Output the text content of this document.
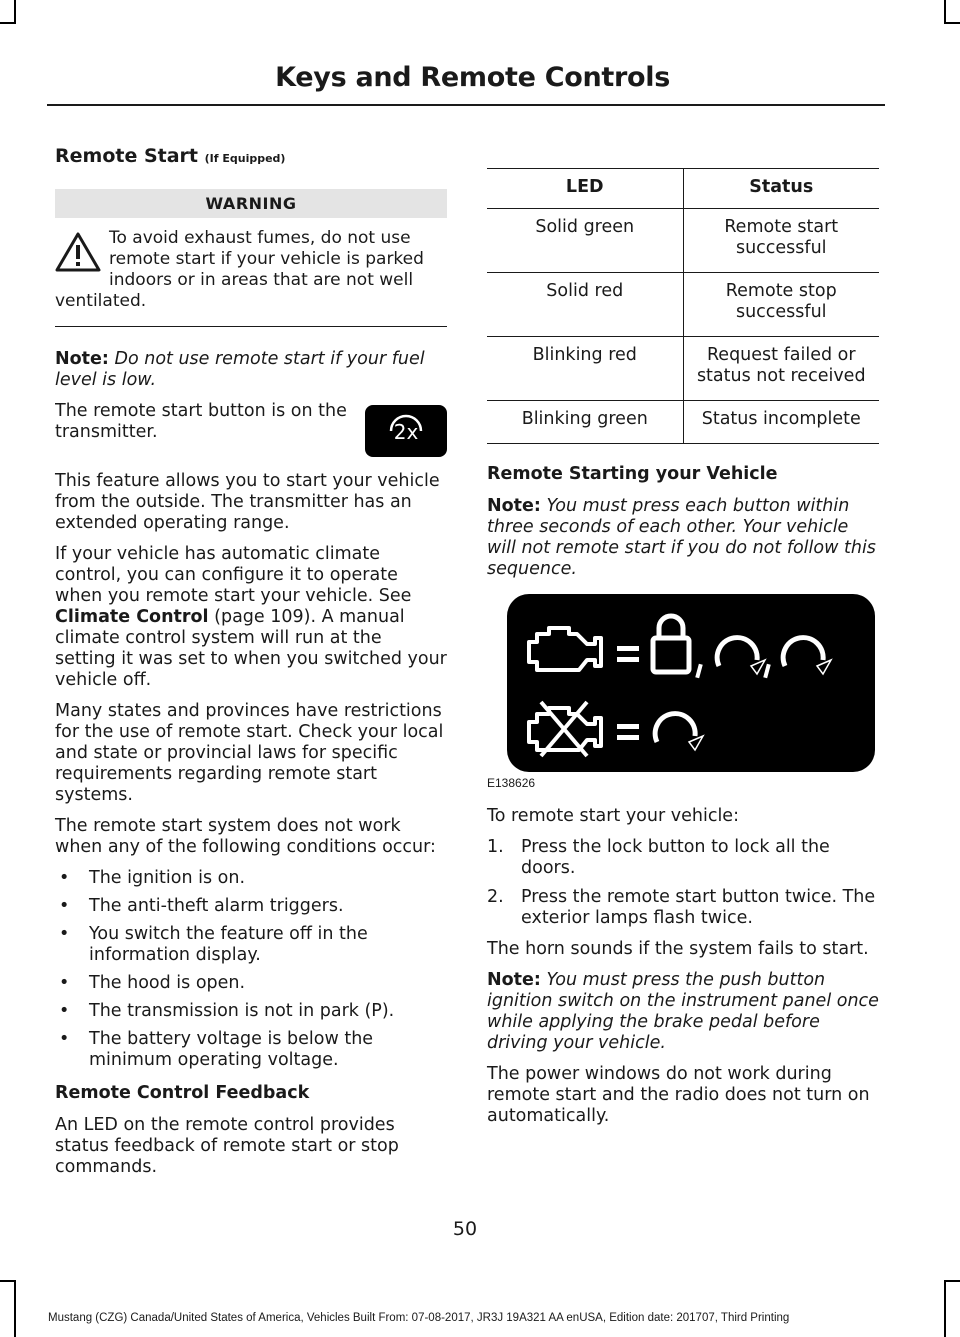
Keys and Remote Controls
Remote Start (If Equipped)
WARNING
To avoid exhaust fumes, do not use remote start if your vehicle is parked indoors or in areas that are not well ventilated.

Note: Do not use remote start if your fuel level is low.

2x
The remote start button is on the transmitter.

This feature allows you to start your vehicle from the outside. The transmitter has an extended operating range.

If your vehicle has automatic climate control, you can configure it to operate when you remote start your vehicle. See Climate Control (page 109). A manual climate control system will run at the setting it was set to when you switched your vehicle off.

Many states and provinces have restrictions for the use of remote start. Check your local and state or provincial laws for specific requirements regarding remote start systems.

The remote start system does not work when any of the following conditions occur:

• The ignition is on.
• The anti-theft alarm triggers.
• You switch the feature off in the information display.
• The hood is open.
• The transmission is not in park (P).
• The battery voltage is below the minimum operating voltage.
Remote Control Feedback

An LED on the remote control provides status feedback of remote start or stop commands.

LED	Status
Solid green	Remote start successful
Solid red	Remote stop successful
Blinking red	Request failed or status not received
Blinking green	Status incomplete
Remote Starting your Vehicle

Note: You must press each button within three seconds of each other. Your vehicle will not remote start if you do not follow this sequence.

E138626

To remote start your vehicle:

1. Press the lock button to lock all the doors.
2. Press the remote start button twice. The exterior lamps flash twice.

The horn sounds if the system fails to start.

Note: You must press the push button ignition switch on the instrument panel once while applying the brake pedal before driving your vehicle.

The power windows do not work during remote start and the radio does not turn on automatically.

50
Mustang (CZG) Canada/United States of America, Vehicles Built From: 07-08-2017, JR3J 19A321 AA enUSA, Edition date: 201707, Third Printing
